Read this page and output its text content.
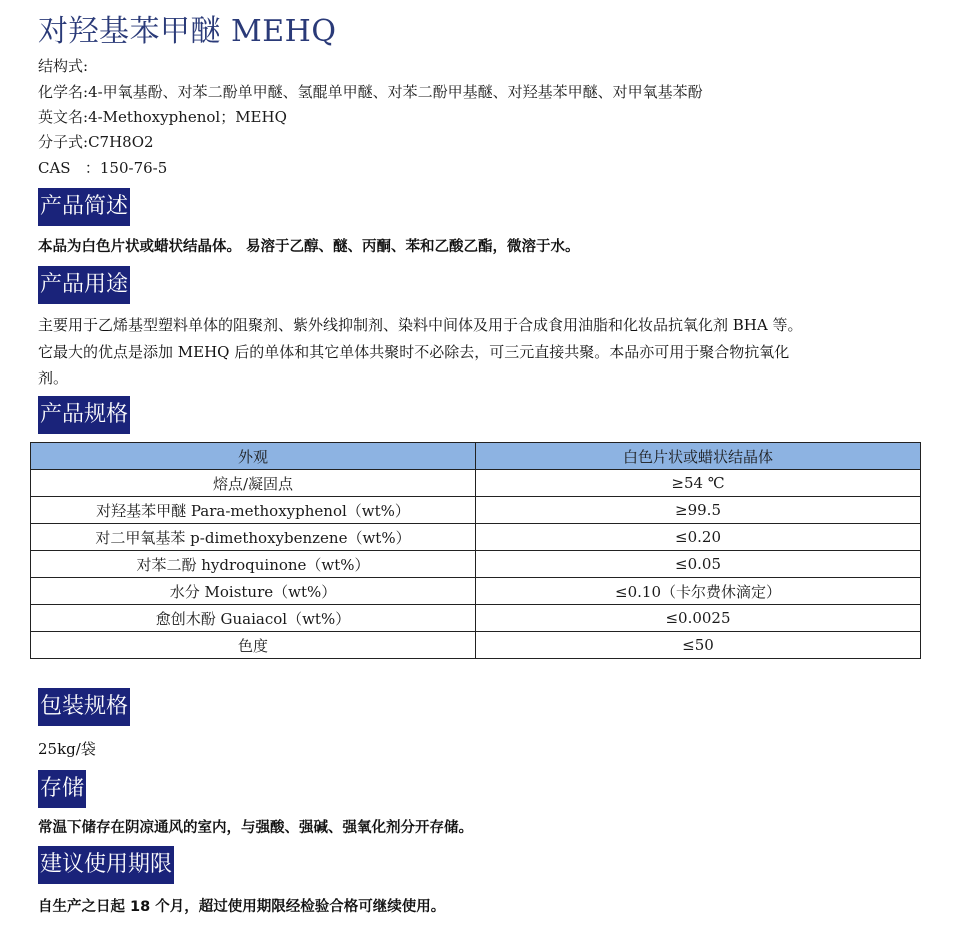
对羟基苯甲醚 MEHQ
结构式:
化学名:4-甲氧基酚、对苯二酚单甲醚、氢醌单甲醚、对苯二酚甲基醚、对羟基苯甲醚、对甲氧基苯酚
英文名:4-Methoxyphenol；MEHQ
分子式:C7H8O2
CAS   ：150-76-5
产品简述
本品为白色片状或蜡状结晶体。 易溶于乙醇、醚、丙酮、苯和乙酸乙酯，微溶于水。
产品用途
主要用于乙烯基型塑料单体的阻聚剂、紫外线抑制剂、染料中间体及用于合成食用油脂和化妆品抗氧化剂 BHA 等。
它最大的优点是添加 MEHQ 后的单体和其它单体共聚时不必除去，可三元直接共聚。本品亦可用于聚合物抗氧化
剂。
产品规格
外观	白色片状或蜡状结晶体
熔点/凝固点	≥54 ℃
对羟基苯甲醚 Para-methoxyphenol（wt%）	≥99.5
对二甲氧基苯 p-dimethoxybenzene（wt%）	≤0.20
对苯二酚 hydroquinone（wt%）	≤0.05
水分 Moisture（wt%）	≤0.10（卡尔费休滴定）
愈创木酚 Guaiacol（wt%）	≤0.0025
色度	≤50
包装规格
25kg/袋
存储
常温下储存在阴凉通风的室内，与强酸、强碱、强氧化剂分开存储。
建议使用期限
自生产之日起 18 个月，超过使用期限经检验合格可继续使用。
